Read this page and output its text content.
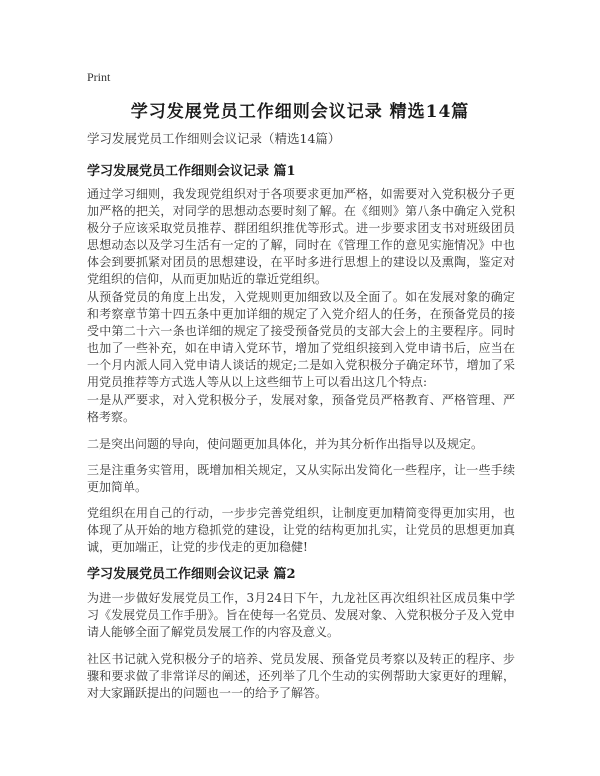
Print
学习发展党员工作细则会议记录 精选14篇
学习发展党员工作细则会议记录（精选14篇）
学习发展党员工作细则会议记录 篇1

通过学习细则，我发现党组织对于各项要求更加严格，如需要对入党积极分子更加严格的把关，对同学的思想动态要时刻了解。在《细则》第八条中确定入党积极分子应该采取党员推荐、群团组织推优等形式。进一步要求团支书对班级团员思想动态以及学习生活有一定的了解，同时在《管理工作的意见实施情况》中也体会到要抓紧对团员的思想建设，在平时多进行思想上的建设以及熏陶，鉴定对党组织的信仰，从而更加贴近的靠近党组织。

从预备党员的角度上出发，入党规则更加细致以及全面了。如在发展对象的确定和考察章节第十四五条中更加详细的规定了入党介绍人的任务，在预备党员的接受中第二十六一条也详细的规定了接受预备党员的支部大会上的主要程序。同时也加了一些补充，如在申请入党环节，增加了党组织接到入党申请书后，应当在一个月内派人同入党申请人谈话的规定;二是如入党积极分子确定环节，增加了采用党员推荐等方式选人等从以上这些细节上可以看出这几个特点:

一是从严要求，对入党积极分子，发展对象，预备党员严格教育、严格管理、严格考察。

二是突出问题的导向，使问题更加具体化，并为其分析作出指导以及规定。

三是注重务实管用，既增加相关规定，又从实际出发简化一些程序，让一些手续更加简单。

党组织在用自己的行动，一步步完善党组织，让制度更加精简变得更加实用，也体现了从开始的地方稳抓党的建设，让党的结构更加扎实，让党员的思想更加真诚，更加端正，让党的步伐走的更加稳健!

学习发展党员工作细则会议记录 篇2

为进一步做好发展党员工作，3月24日下午，九龙社区再次组织社区成员集中学习《发展党员工作手册》。旨在使每一名党员、发展对象、入党积极分子及入党申请人能够全面了解党员发展工作的内容及意义。

社区书记就入党积极分子的培养、党员发展、预备党员考察以及转正的程序、步骤和要求做了非常详尽的阐述，还列举了几个生动的实例帮助大家更好的理解，对大家踊跃提出的问题也一一的给予了解答。
